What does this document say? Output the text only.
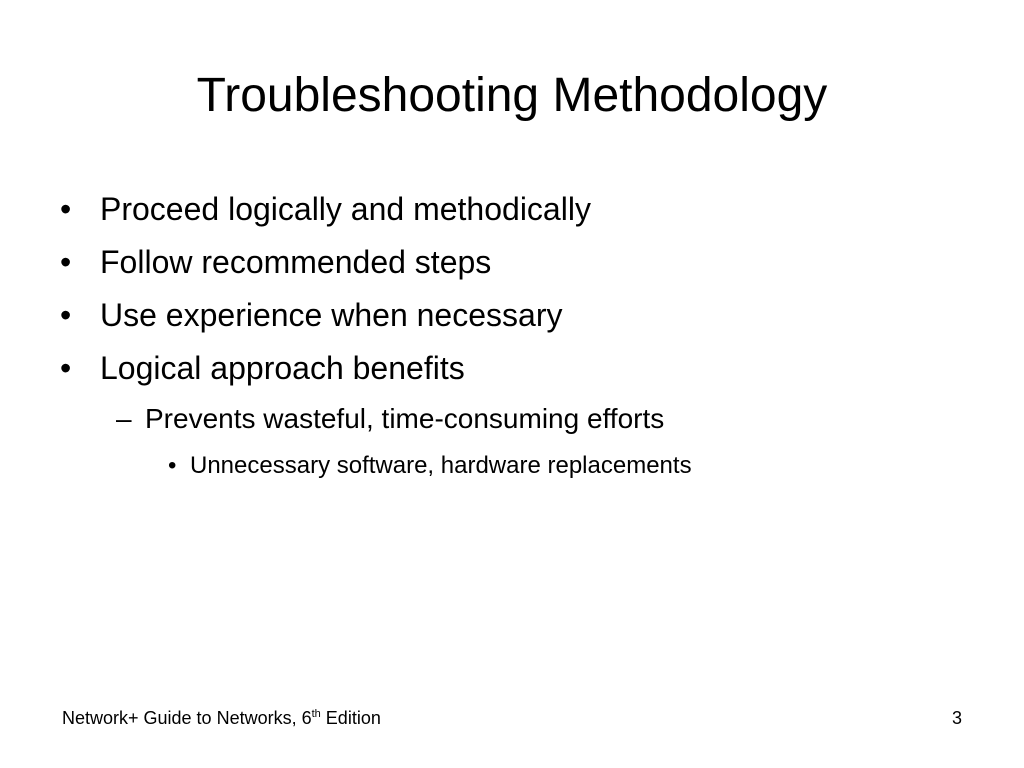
Troubleshooting Methodology
• Proceed logically and methodically
• Follow recommended steps
• Use experience when necessary
• Logical approach benefits
– Prevents wasteful, time-consuming efforts
• Unnecessary software, hardware replacements
Network+ Guide to Networks, 6th Edition	3
